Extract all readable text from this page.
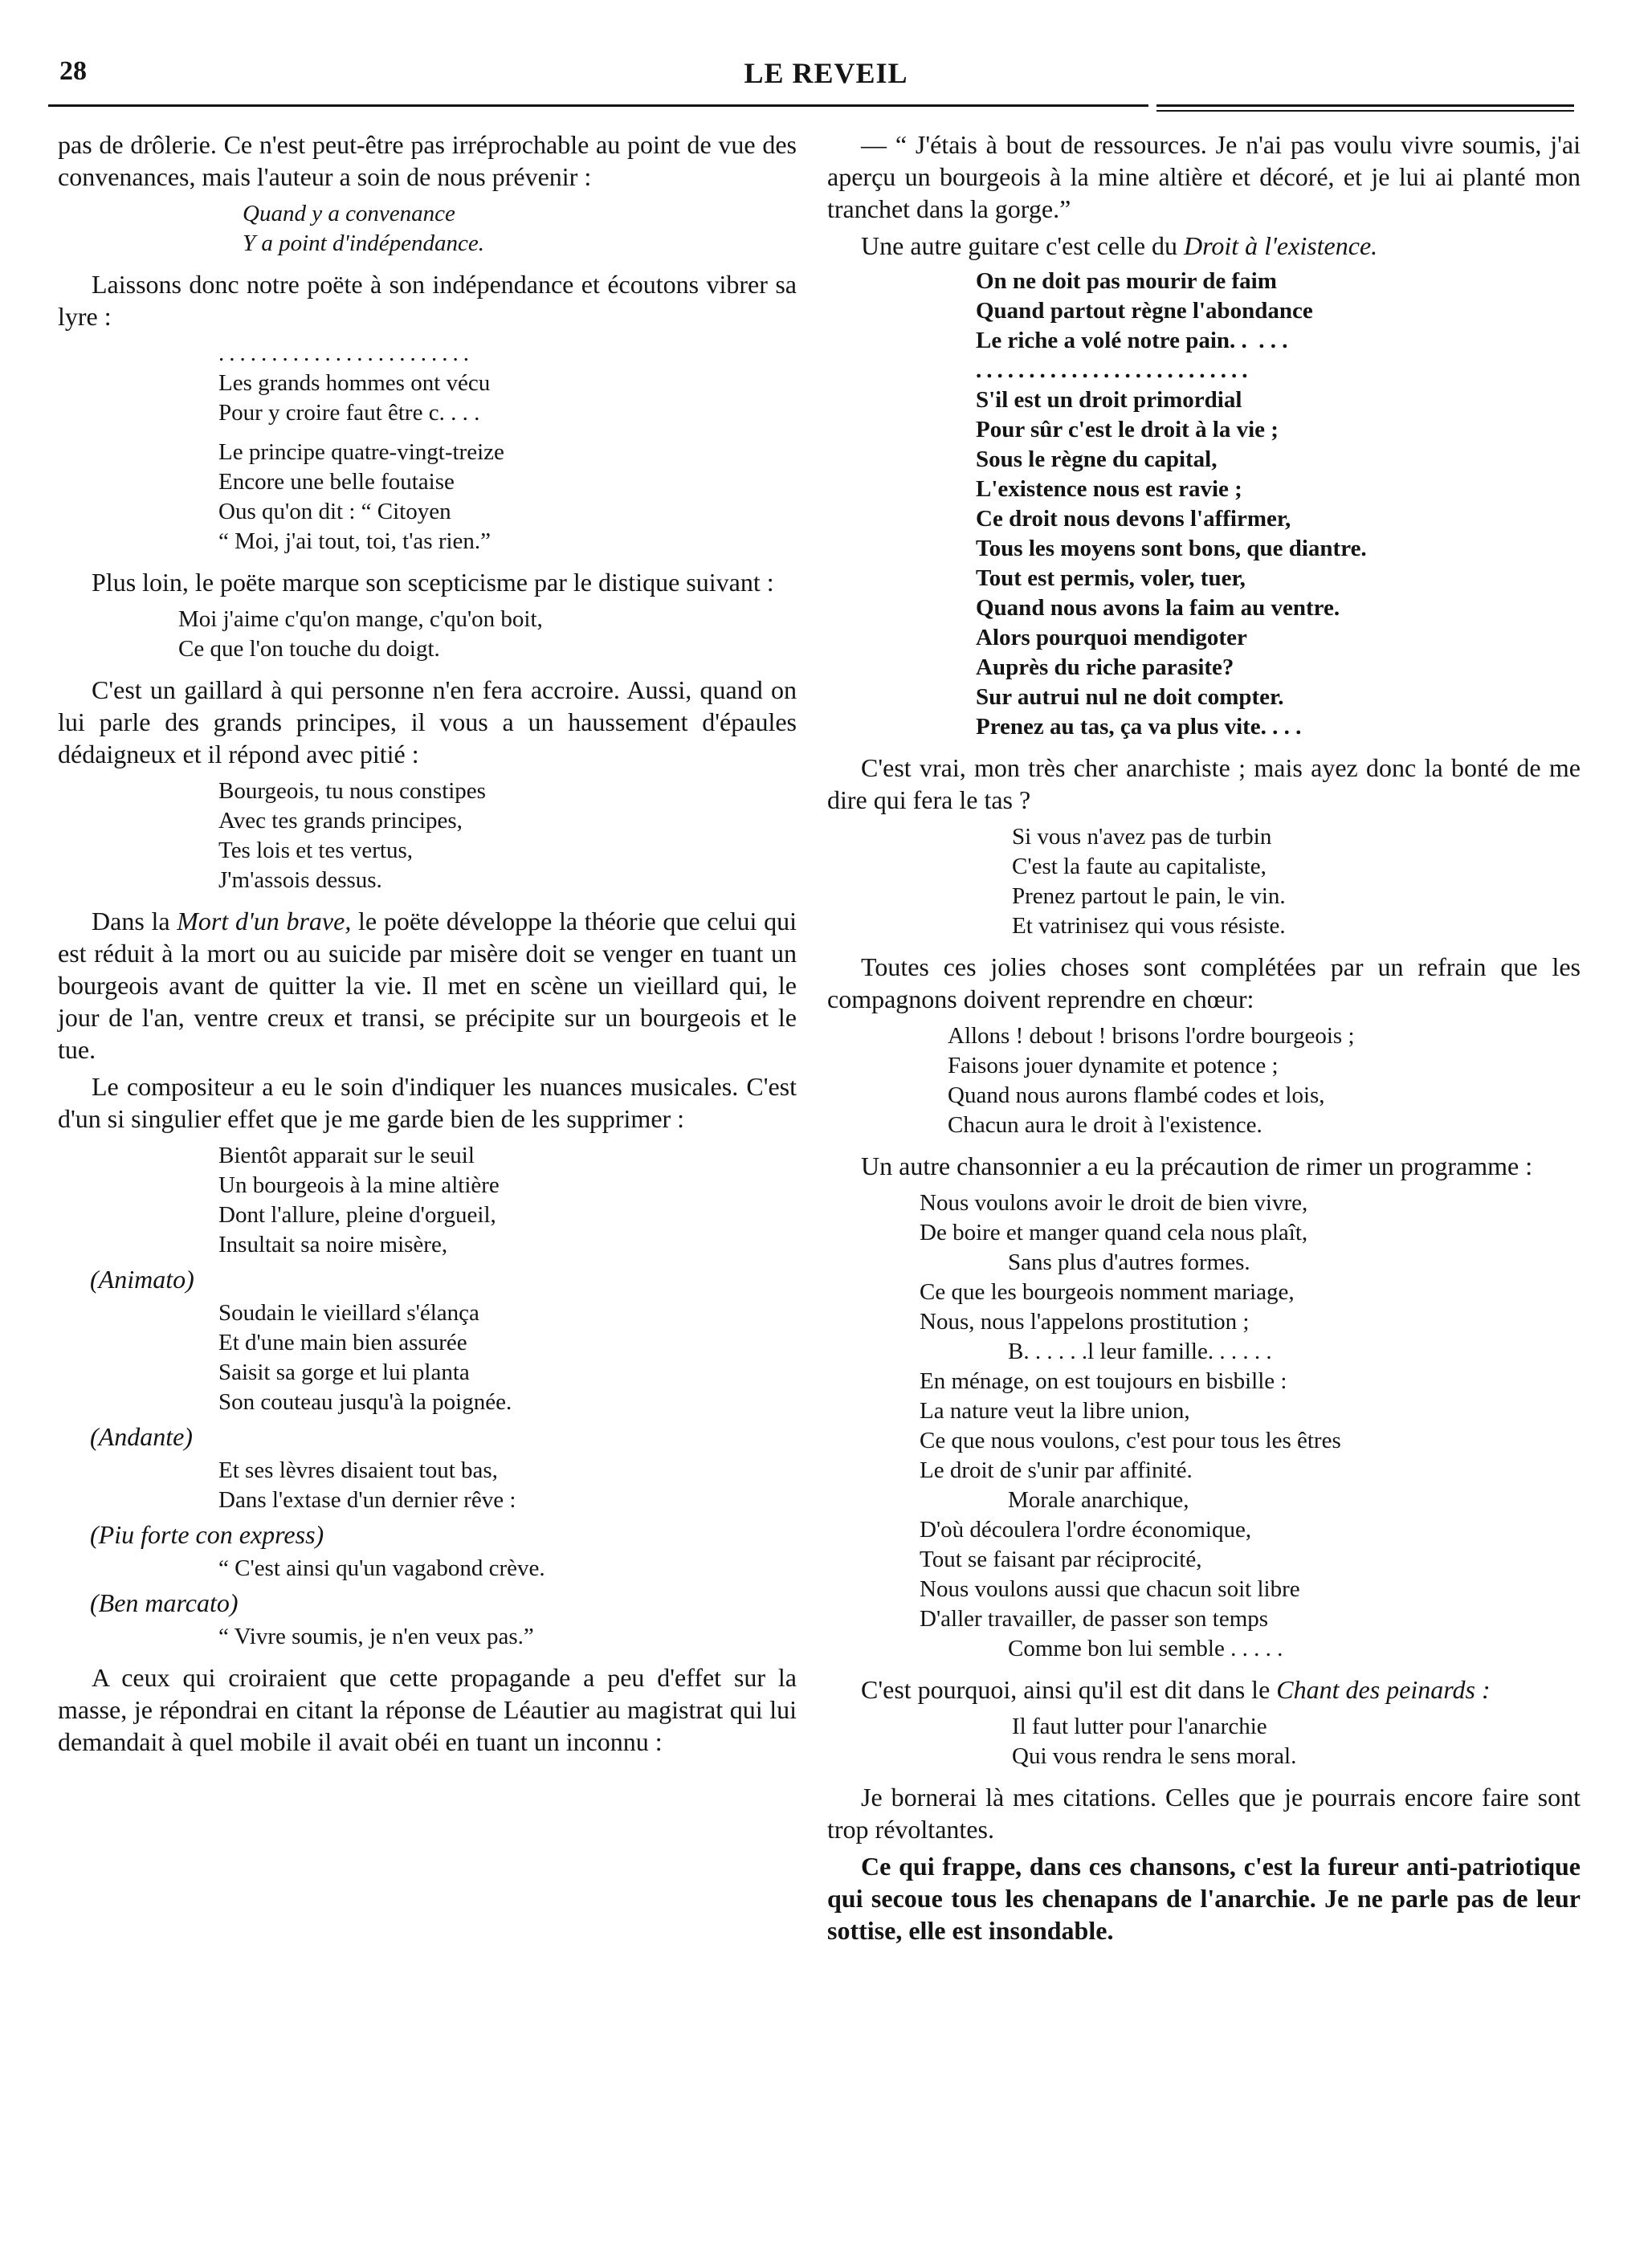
28	LE REVEIL

pas de drôlerie. Ce n'est peut-être pas irréprochable au point de vue des convenances, mais l'auteur a soin de nous prévenir :

Quand y a convenance
Y a point d'indépendance.

Laissons donc notre poëte à son indépendance et écoutons vibrer sa lyre :

........................
Les grands hommes ont vécu
Pour y croire faut être c. . . .
Le principe quatre-vingt-treize
Encore une belle foutaise
Ous qu'on dit : “ Citoyen
“ Moi, j'ai tout, toi, t'as rien.”

Plus loin, le poëte marque son scepticisme par le distique suivant :

Moi j'aime c'qu'on mange, c'qu'on boit,
Ce que l'on touche du doigt.

C'est un gaillard à qui personne n'en fera accroire. Aussi, quand on lui parle des grands principes, il vous a un haussement d'épaules dédaigneux et il répond avec pitié :

Bourgeois, tu nous constipes
Avec tes grands principes,
Tes lois et tes vertus,
J'm'assois dessus.

Dans la Mort d'un brave, le poëte développe la théorie que celui qui est réduit à la mort ou au suicide par misère doit se venger en tuant un bourgeois avant de quitter la vie. Il met en scène un vieillard qui, le jour de l'an, ventre creux et transi, se précipite sur un bourgeois et le tue.

Le compositeur a eu le soin d'indiquer les nuances musicales. C'est d'un si singulier effet que je me garde bien de les supprimer :

Bientôt apparait sur le seuil
Un bourgeois à la mine altière
Dont l'allure, pleine d'orgueil,
Insultait sa noire misère,
(Animato)
Soudain le vieillard s'élança
Et d'une main bien assurée
Saisit sa gorge et lui planta
Son couteau jusqu'à la poignée.
(Andante)
Et ses lèvres disaient tout bas,
Dans l'extase d'un dernier rêve :
(Piu forte con express)
“ C'est ainsi qu'un vagabond crève.
(Ben marcato)
“ Vivre soumis, je n'en veux pas.”

A ceux qui croiraient que cette propagande a peu d'effet sur la masse, je répondrai en citant la réponse de Léautier au magistrat qui lui demandait à quel mobile il avait obéi en tuant un inconnu :

— “ J'étais à bout de ressources. Je n'ai pas voulu vivre soumis, j'ai aperçu un bourgeois à la mine altière et décoré, et je lui ai planté mon tranchet dans la gorge.”

Une autre guitare c'est celle du Droit à l'existence.

On ne doit pas mourir de faim
Quand partout règne l'abondance
Le riche a volé notre pain. .  . . .
..........................
S'il est un droit primordial
Pour sûr c'est le droit à la vie ;
Sous le règne du capital,
L'existence nous est ravie ;
Ce droit nous devons l'affirmer,
Tous les moyens sont bons, que diantre.
Tout est permis, voler, tuer,
Quand nous avons la faim au ventre.
Alors pourquoi mendigoter
Auprès du riche parasite?
Sur autrui nul ne doit compter.
Prenez au tas, ça va plus vite. . . .

C'est vrai, mon très cher anarchiste ; mais ayez donc la bonté de me dire qui fera le tas ?

Si vous n'avez pas de turbin
C'est la faute au capitaliste,
Prenez partout le pain, le vin.
Et vatrinisez qui vous résiste.

Toutes ces jolies choses sont complétées par un refrain que les compagnons doivent reprendre en chœur:

Allons ! debout ! brisons l'ordre bourgeois ;
Faisons jouer dynamite et potence ;
Quand nous aurons flambé codes et lois,
Chacun aura le droit à l'existence.

Un autre chansonnier a eu la précaution de rimer un programme :

Nous voulons avoir le droit de bien vivre,
De boire et manger quand cela nous plaît,
Sans plus d'autres formes.
Ce que les bourgeois nomment mariage,
Nous, nous l'appelons prostitution ;
B. . . . . .l leur famille. . . . . .
En ménage, on est toujours en bisbille :
La nature veut la libre union,
Ce que nous voulons, c'est pour tous les êtres
Le droit de s'unir par affinité.
Morale anarchique,
D'où découlera l'ordre économique,
Tout se faisant par réciprocité,
Nous voulons aussi que chacun soit libre
D'aller travailler, de passer son temps
Comme bon lui semble . . . . .

C'est pourquoi, ainsi qu'il est dit dans le Chant des peinards :

Il faut lutter pour l'anarchie
Qui vous rendra le sens moral.

Je bornerai là mes citations. Celles que je pourrais encore faire sont trop révoltantes.

Ce qui frappe, dans ces chansons, c'est la fureur anti-patriotique qui secoue tous les chenapans de l'anarchie. Je ne parle pas de leur sottise, elle est insondable.
